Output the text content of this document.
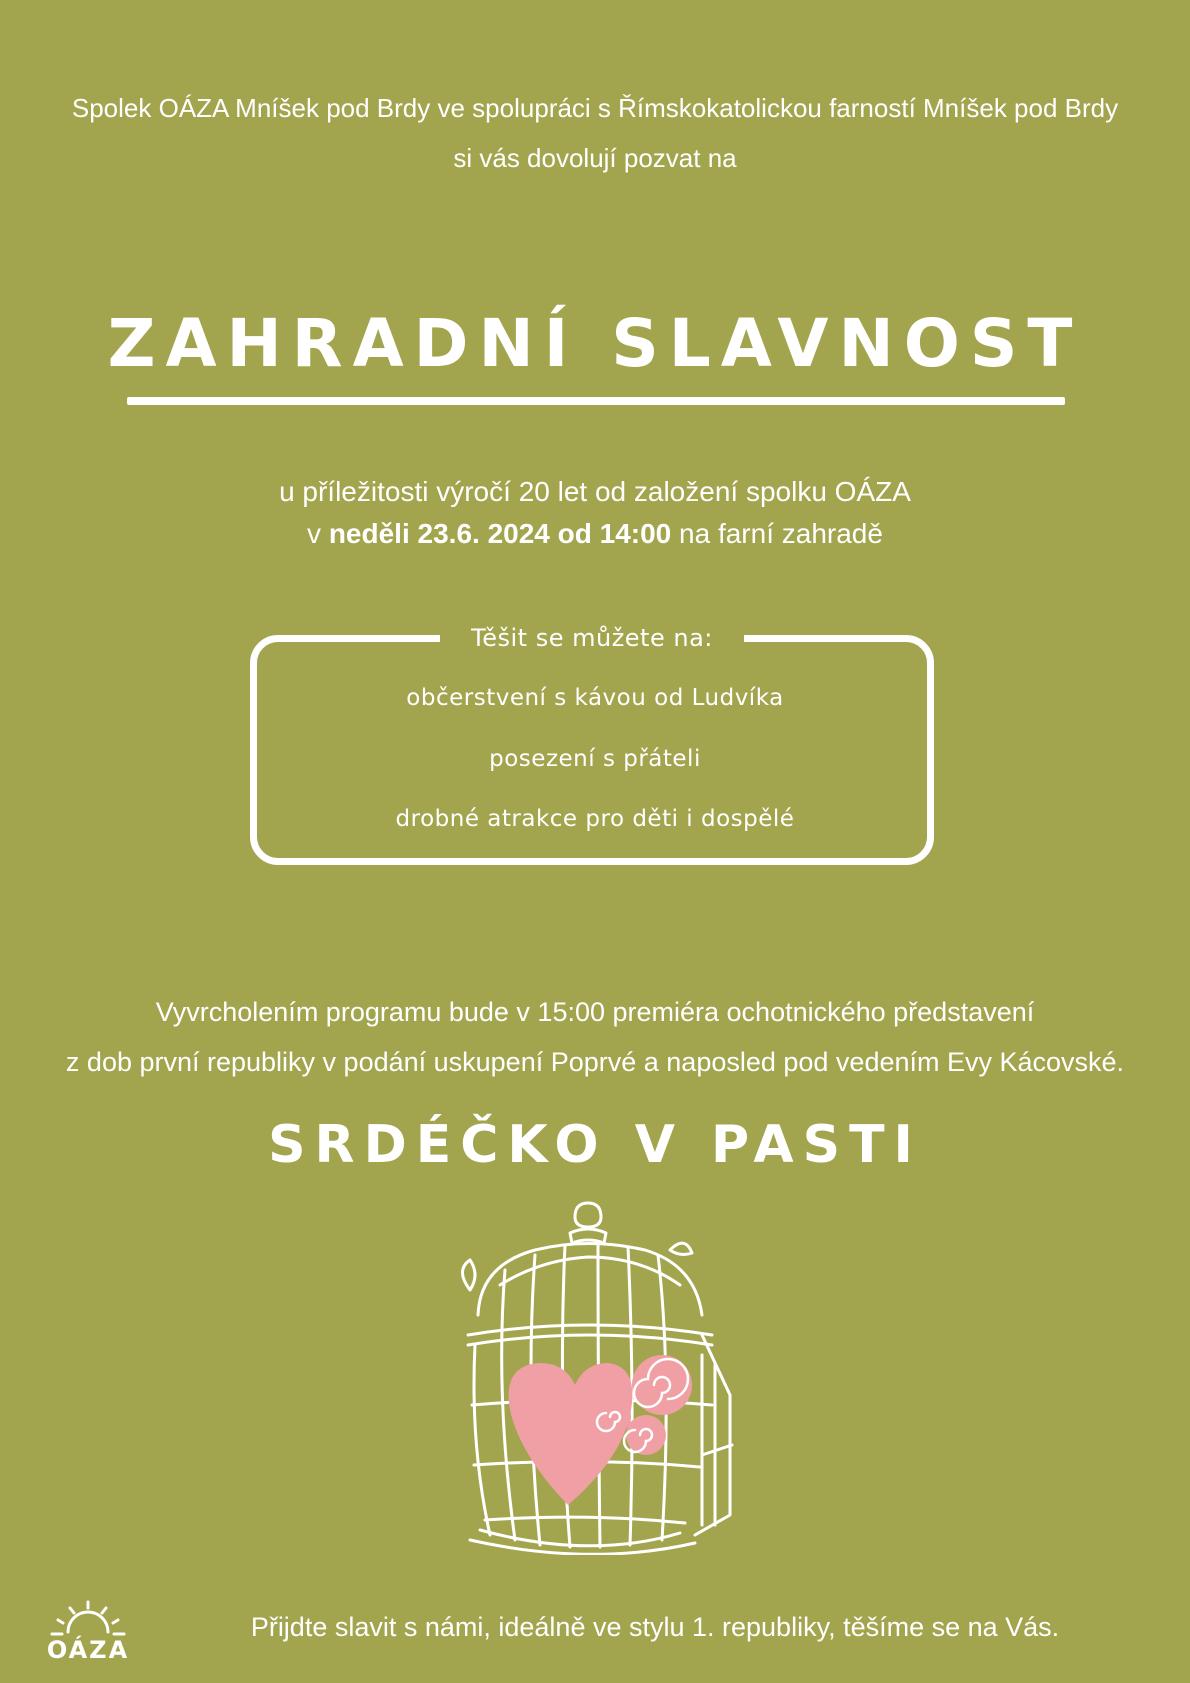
Spolek OÁZA Mníšek pod Brdy ve spolupráci s Římskokatolickou farností Mníšek pod Brdy
si vás dovolují pozvat na
ZAHRADNÍ SLAVNOST
u příležitosti výročí 20 let od založení spolku OÁZA
v neděli 23.6. 2024 od 14:00 na farní zahradě
Těšit se můžete na:
občerstvení s kávou od Ludvíka
posezení s přáteli
drobné atrakce pro děti i dospělé
Vyvrcholením programu bude v 15:00 premiéra ochotnického představení
z dob první republiky v podání uskupení Poprvé a naposled pod vedením Evy Kácovské.
SRDÉČKO V PASTI
Přijdte slavit s námi, ideálně ve stylu 1. republiky, těšíme se na Vás.
OÁZA
